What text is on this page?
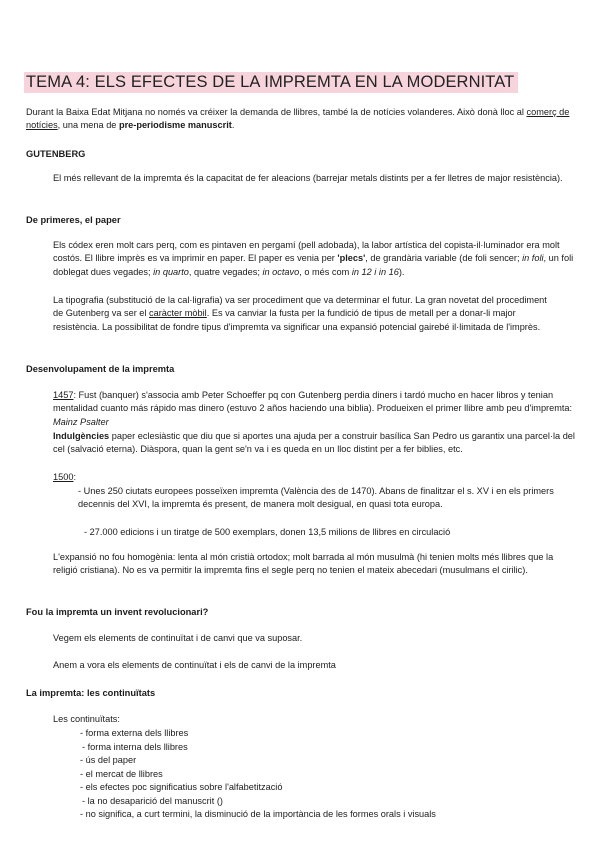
TEMA 4: ELS EFECTES DE LA IMPREMTA EN LA MODERNITAT

Durant la Baixa Edat Mitjana no només va créixer la demanda de llibres, també la de notícies volanderes. Això donà lloc al comerç de notícies, una mena de pre-periodisme manuscrit.

GUTENBERG

El més rellevant de la impremta és la capacitat de fer aleacions (barrejar metals distints per a fer lletres de major resistència).

De primeres, el paper

Els códex eren molt cars perq, com es pintaven en pergamí (pell adobada), la labor artística del copista-il·luminador era molt costós. El llibre imprès es va imprimir en paper. El paper es venia per 'plecs', de grandària variable (de foli sencer; in foli, un foli doblegat dues vegades; in quarto, quatre vegades; in octavo, o més com in 12 i in 16).

La tipografia (substitució de la cal·ligrafia) va ser procediment que va determinar el futur. La gran novetat del procediment de Gutenberg va ser el caràcter mòbil. Es va canviar la fusta per la fundició de tipus de metall per a donar-li major resistència. La possibilitat de fondre tipus d'impremta va significar una expansió potencial gairebé il·limitada de l'imprès.

Desenvolupament de la impremta

1457: Fust (banquer) s'associa amb Peter Schoeffer pq con Gutenberg perdia diners i tardó mucho en hacer libros y tenian mentalidad cuanto más rápido mas dinero (estuvo 2 años haciendo una biblia). Produeixen el primer llibre amb peu d'impremta: Mainz Psalter

Indulgències paper eclesiàstic que diu que si aportes una ajuda per a construir basílica San Pedro us garantix una parcel·la del cel (salvació eterna). Diàspora, quan la gent se'n va i es queda en un lloc distint per a fer biblies, etc.

1500:

- Unes 250 ciutats europees posseïxen impremta (València des de 1470). Abans de finalitzar el s. XV i en els primers decennis del XVI, la impremta és present, de manera molt desigual, en quasi tota europa.

- 27.000 edicions i un tiratge de 500 exemplars, donen 13,5 milions de llibres en circulació

L'expansió no fou homogènia: lenta al món cristià ortodox; molt barrada al món musulmà (hi tenien molts més llibres que la religió cristiana). No es va permitir la impremta fins el segle perq no tenien el mateix abecedari (musulmans el cirilic).

Fou la impremta un invent revolucionari?

Vegem els elements de continuïtat i de canvi que va suposar.

Anem a vora els elements de continuïtat i els de canvi de la impremta

La impremta: les continuïtats
Les continuïtats:
- forma externa dels llibres
- forma interna dels llibres
- ús del paper
- el mercat de llibres
- els efectes poc significatius sobre l'alfabetització
- la no desaparició del manuscrit ()
- no significa, a curt termini, la disminució de la importància de les formes orals i visuals
